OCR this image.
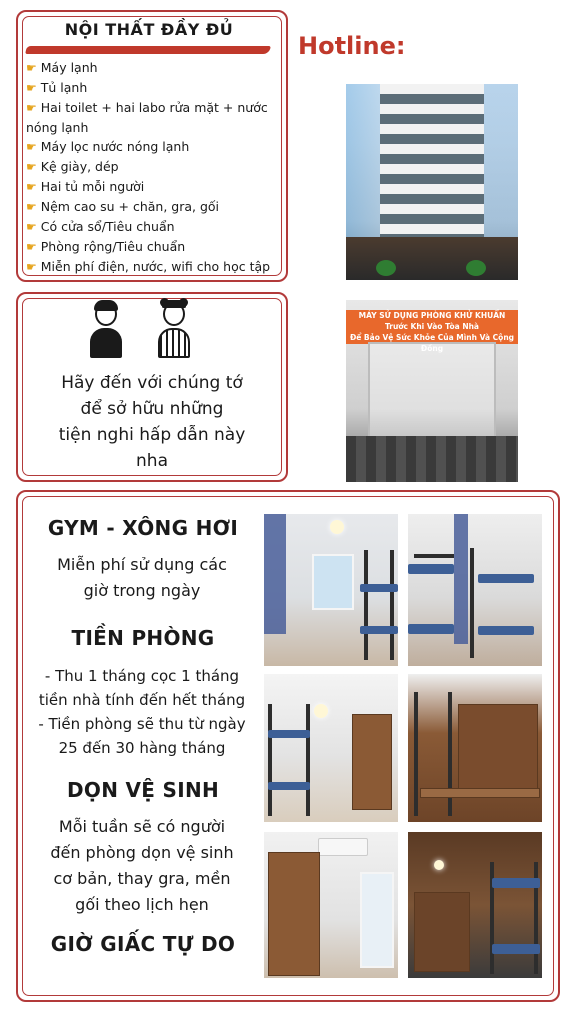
NỘI THẤT ĐẦY ĐỦ
☛ Máy lạnh
☛ Tủ lạnh
☛ Hai toilet + hai labo rửa mặt + nước nóng lạnh
☛ Máy lọc nước nóng lạnh
☛ Kệ giày, dép
☛ Hai tủ mỗi người
☛ Nệm cao su + chăn, gra, gối
☛ Có cửa sổ/Tiêu chuẩn
☛ Phòng rộng/Tiêu chuẩn
☛ Miễn phí điện, nước, wifi cho học tập
Hotline:
Hãy đến với chúng tớ
để sở hữu những
tiện nghi hấp dẫn này
nha
MÁY SỬ DỤNG PHÒNG KHỬ KHUẨN
Trước Khi Vào Tòa Nhà
Để Bảo Vệ Sức Khỏe Của Mình Và Cộng Đồng
GYM - XÔNG HƠI
Miễn phí sử dụng các
giờ trong ngày
TIỀN PHÒNG
- Thu 1 tháng cọc 1 tháng
tiền nhà tính đến hết tháng
- Tiền phòng sẽ thu từ ngày
25 đến 30 hàng tháng
DỌN VỆ SINH
Mỗi tuần sẽ có người
đến phòng dọn vệ sinh
cơ bản, thay gra, mền
gối theo lịch hẹn
GIỜ GIẤC TỰ DO
